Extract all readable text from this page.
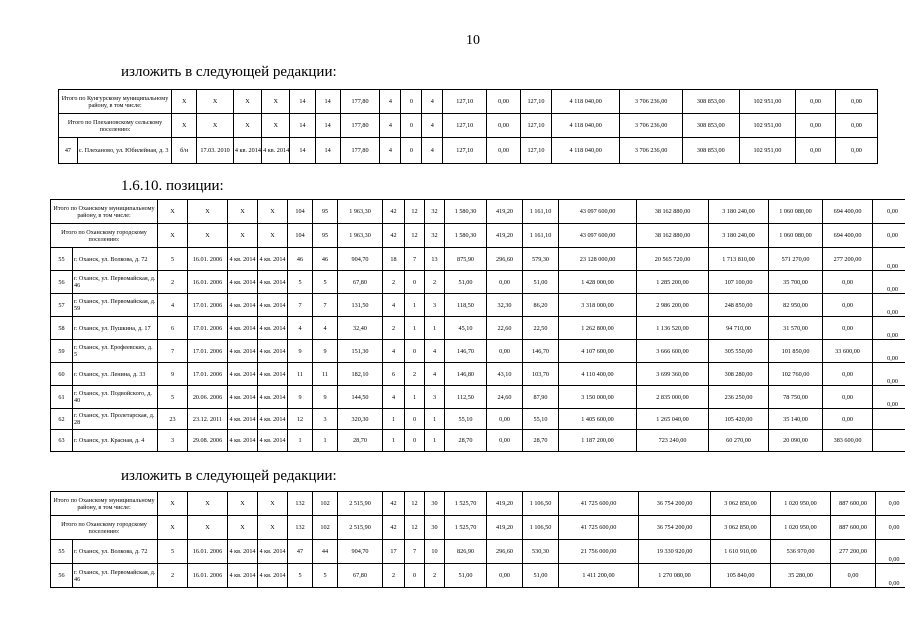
10
изложить в следующей редакции:
Итого по Кунгурскому муниципальному району, в том числе:		X	X	X	X	14	14	177,80	4	0	4	127,10	0,00	127,10	4 118 040,00	3 706 236,00	308 853,00	102 951,00	0,00	0,00
Итого по Плехановскому сельскому поселению:		X	X	X	X	14	14	177,80	4	0	4	127,10	0,00	127,10	4 118 040,00	3 706 236,00	308 853,00	102 951,00	0,00	0,00
47	с. Плеханово, ул. Юбилейная, д. 3	б/н	17.03. 2010	4 кв. 2014	4 кв. 2014	14	14	177,80	4	0	4	127,10	0,00	127,10	4 118 040,00	3 706 236,00	308 853,00	102 951,00	0,00	0,00
1.6.10. позиции:
Итого по Оханскому муниципальному району, в том числе:		X	X	X	X	104	95	1 963,30	42	12	32	1 580,30	419,20	1 161,10	43 097 600,00	38 162 880,00	3 180 240,00	1 060 080,00	694 400,00	0,00
Итого по Оханскому городскому поселению:		X	X	X	X	104	95	1 963,30	42	12	32	1 580,30	419,20	1 161,10	43 097 600,00	38 162 880,00	3 180 240,00	1 060 080,00	694 400,00	0,00
55	г. Оханск, ул. Волкова, д. 72	5	16.01. 2006	4 кв. 2014	4 кв. 2014	46	46	904,70	18	7	13	875,90	296,60	579,30	23 128 000,00	20 565 720,00	1 713 810,00	571 270,00	277 200,00	0,00
56	г. Оханск, ул. Первомайская, д. 46	2	16.01. 2006	4 кв. 2014	4 кв. 2014	5	5	67,80	2	0	2	51,00	0,00	51,00	1 428 000,00	1 285 200,00	107 100,00	35 700,00	0,00	0,00
57	г. Оханск, ул. Первомайская, д. 59	4	17.01. 2006	4 кв. 2014	4 кв. 2014	7	7	131,50	4	1	3	118,50	32,30	86,20	3 318 000,00	2 986 200,00	248 850,00	82 950,00	0,00	0,00
58	г. Оханск, ул. Пушкина, д. 17	6	17.01. 2006	4 кв. 2014	4 кв. 2014	4	4	32,40	2	1	1	45,10	22,60	22,50	1 262 800,00	1 136 520,00	94 710,00	31 570,00	0,00	0,00
59	г. Оханск, ул. Ерофеевских, д. 5	7	17.01. 2006	4 кв. 2014	4 кв. 2014	9	9	151,30	4	0	4	146,70	0,00	146,70	4 107 600,00	3 666 600,00	305 550,00	101 850,00	33 600,00	0,00
60	г. Оханск, ул. Ленина, д. 33	9	17.01. 2006	4 кв. 2014	4 кв. 2014	11	11	182,10	6	2	4	146,80	43,10	103,70	4 110 400,00	3 699 360,00	308 280,00	102 760,00	0,00	0,00
61	г. Оханск, ул. Подвойского, д. 40	5	20.06. 2006	4 кв. 2014	4 кв. 2014	9	9	144,50	4	1	3	112,50	24,60	87,90	3 150 000,00	2 835 000,00	236 250,00	78 750,00	0,00	0,00
62	г. Оханск, ул. Пролетарская, д. 28	23	23.12. 2011	4 кв. 2014	4 кв. 2014	12	3	320,30	1	0	1	55,10	0,00	55,10	1 405 600,00	1 265 040,00	105 420,00	35 140,00	0,00	
63	г. Оханск, ул. Красная, д. 4	3	29.08. 2006	4 кв. 2014	4 кв. 2014	1	1	28,70	1	0	1	28,70	0,00	28,70	1 187 200,00	723 240,00	60 270,00	20 090,00	383 600,00	
изложить в следующей редакции:
Итого по Оханскому муниципальному району, в том числе:		X	X	X	X	132	102	2 515,90	42	12	30	1 525,70	419,20	1 106,50	41 725 600,00	36 754 200,00	3 062 850,00	1 020 950,00	887 600,00	0,00
Итого по Оханскому городскому поселению:		X	X	X	X	132	102	2 515,90	42	12	30	1 525,70	419,20	1 106,50	41 725 600,00	36 754 200,00	3 062 850,00	1 020 950,00	887 600,00	0,00
55	г. Оханск, ул. Волкова, д. 72	5	16.01. 2006	4 кв. 2014	4 кв. 2014	47	44	904,70	17	7	10	826,90	296,60	530,30	21 756 000,00	19 330 920,00	1 610 910,00	536 970,00	277 200,00	0,00
56	г. Оханск, ул. Первомайская, д. 46	2	16.01. 2006	4 кв. 2014	4 кв. 2014	5	5	67,80	2	0	2	51,00	0,00	51,00	1 411 200,00	1 270 080,00	105 840,00	35 280,00	0,00	0,00
